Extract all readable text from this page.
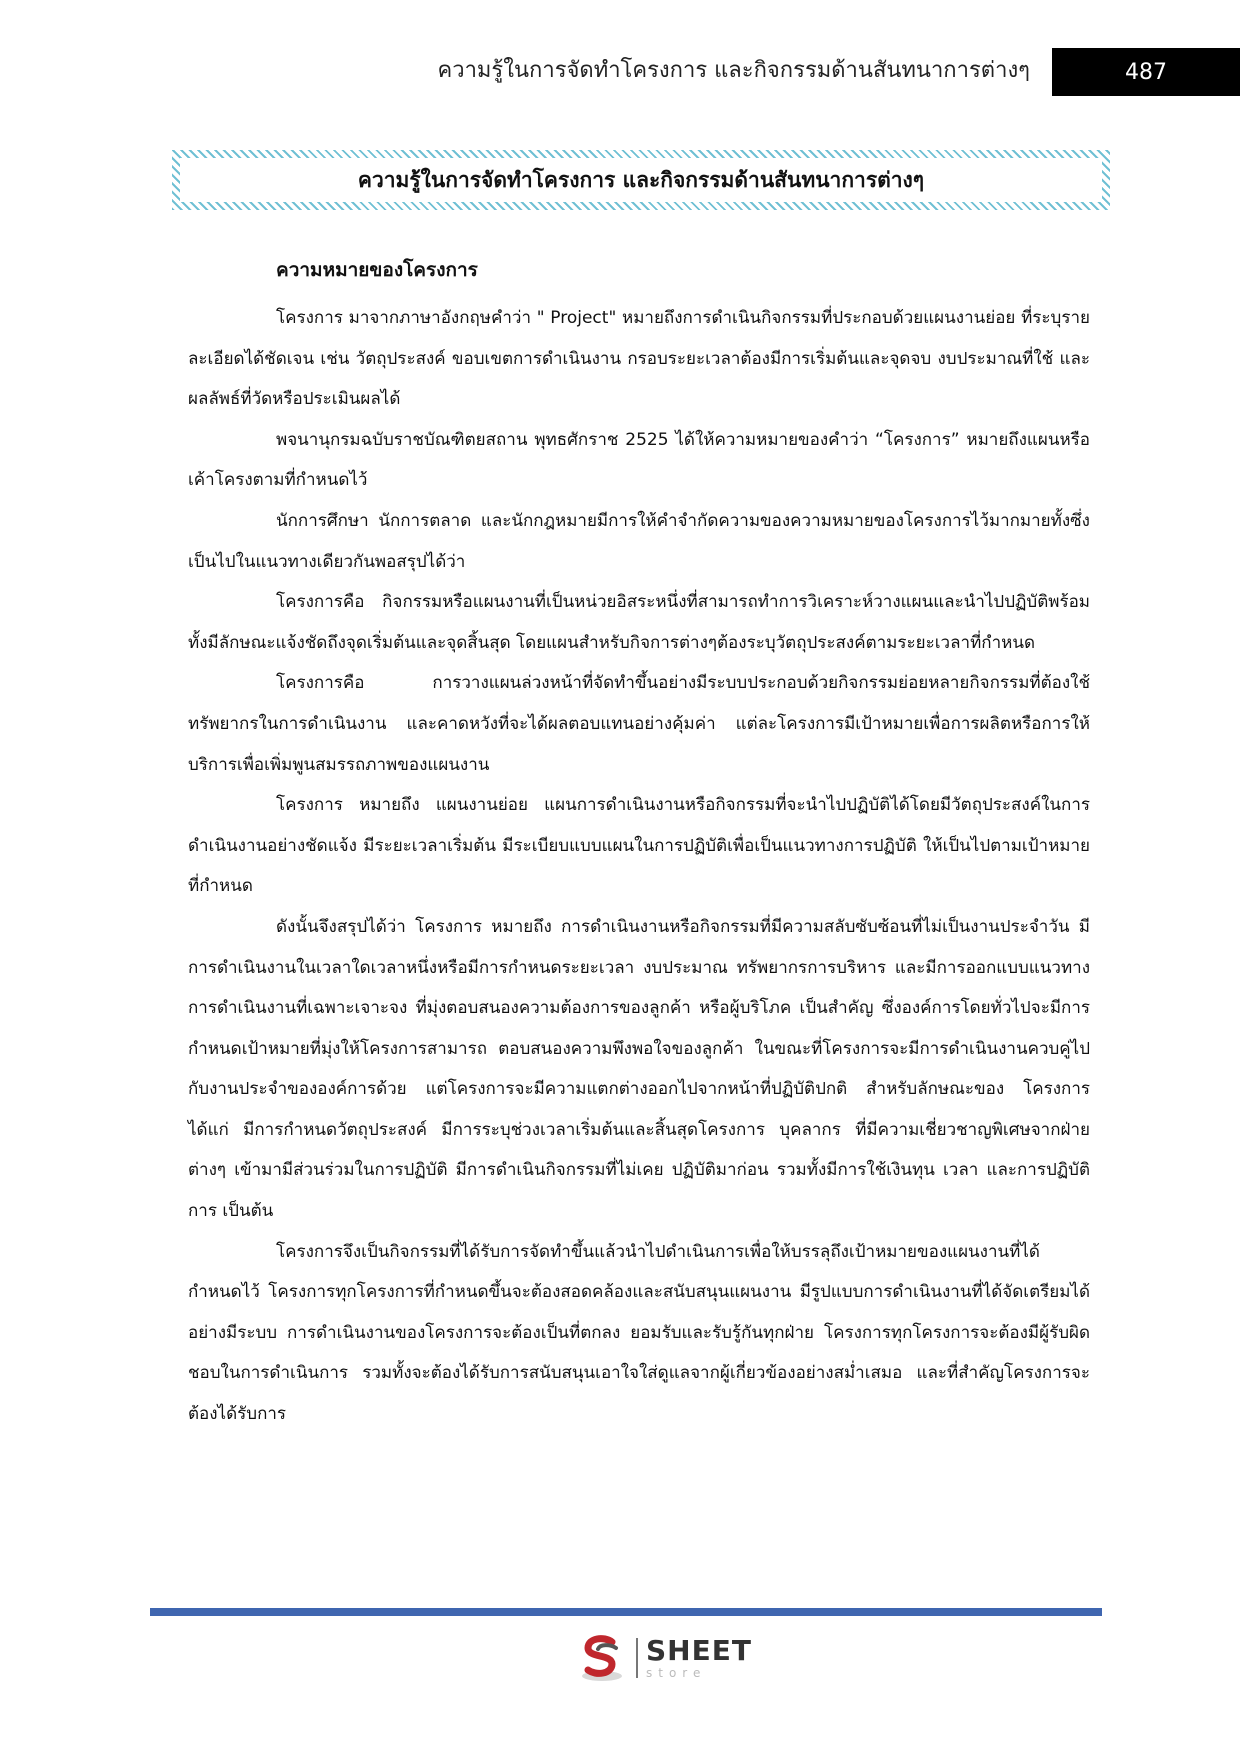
ความรู้ในการจัดทำโครงการ และกิจกรรมด้านสันทนาการต่างๆ	487
ความรู้ในการจัดทำโครงการ และกิจกรรมด้านสันทนาการต่างๆ
ความหมายของโครงการ

โครงการ มาจากภาษาอังกฤษคำว่า " Project" หมายถึงการดำเนินกิจกรรมที่ประกอบด้วยแผนงานย่อย ที่ระบุรายละเอียดได้ชัดเจน เช่น วัตถุประสงค์ ขอบเขตการดำเนินงาน กรอบระยะเวลาต้องมีการเริ่มต้นและจุดจบ งบประมาณที่ใช้ และผลลัพธ์ที่วัดหรือประเมินผลได้

พจนานุกรมฉบับราชบัณฑิตยสถาน พุทธศักราช 2525 ได้ให้ความหมายของคำว่า “โครงการ” หมายถึงแผนหรือเค้าโครงตามที่กำหนดไว้

นักการศึกษา นักการตลาด และนักกฎหมายมีการให้คำจำกัดความของความหมายของโครงการไว้มากมายทั้งซึ่งเป็นไปในแนวทางเดียวกันพอสรุปได้ว่า

โครงการคือ กิจกรรมหรือแผนงานที่เป็นหน่วยอิสระหนึ่งที่สามารถทำการวิเคราะห์วางแผนและนำไปปฏิบัติพร้อมทั้งมีลักษณะแจ้งชัดถึงจุดเริ่มต้นและจุดสิ้นสุด โดยแผนสำหรับกิจการต่างๆต้องระบุวัตถุประสงค์ตามระยะเวลาที่กำหนด

โครงการคือ การวางแผนล่วงหน้าที่จัดทำขึ้นอย่างมีระบบประกอบด้วยกิจกรรมย่อยหลายกิจกรรมที่ต้องใช้ทรัพยากรในการดำเนินงาน และคาดหวังที่จะได้ผลตอบแทนอย่างคุ้มค่า แต่ละโครงการมีเป้าหมายเพื่อการผลิตหรือการให้บริการเพื่อเพิ่มพูนสมรรถภาพของแผนงาน

โครงการ หมายถึง แผนงานย่อย แผนการดำเนินงานหรือกิจกรรมที่จะนำไปปฏิบัติได้โดยมีวัตถุประสงค์ในการดำเนินงานอย่างชัดแจ้ง มีระยะเวลาเริ่มต้น มีระเบียบแบบแผนในการปฏิบัติเพื่อเป็นแนวทางการปฏิบัติ ให้เป็นไปตามเป้าหมายที่กำหนด

ดังนั้นจึงสรุปได้ว่า โครงการ หมายถึง การดำเนินงานหรือกิจกรรมที่มีความสลับซับซ้อนที่ไม่เป็นงานประจำวัน มีการดำเนินงานในเวลาใดเวลาหนึ่งหรือมีการกำหนดระยะเวลา งบประมาณ ทรัพยากรการบริหาร และมีการออกแบบแนวทางการดำเนินงานที่เฉพาะเจาะจง ที่มุ่งตอบสนองความต้องการของลูกค้า หรือผู้บริโภค เป็นสำคัญ ซึ่งองค์การโดยทั่วไปจะมีการกำหนดเป้าหมายที่มุ่งให้โครงการสามารถ ตอบสนองความพึงพอใจของลูกค้า ในขณะที่โครงการจะมีการดำเนินงานควบคู่ไปกับงานประจำขององค์การด้วย แต่โครงการจะมีความแตกต่างออกไปจากหน้าที่ปฏิบัติปกติ สำหรับลักษณะของ โครงการ ได้แก่ มีการกำหนดวัตถุประสงค์ มีการระบุช่วงเวลาเริ่มต้นและสิ้นสุดโครงการ บุคลากร ที่มีความเชี่ยวชาญพิเศษจากฝ่ายต่างๆ เข้ามามีส่วนร่วมในการปฏิบัติ มีการดำเนินกิจกรรมที่ไม่เคย ปฏิบัติมาก่อน รวมทั้งมีการใช้เงินทุน เวลา และการปฏิบัติการ เป็นต้น

โครงการจึงเป็นกิจกรรมที่ได้รับการจัดทำขึ้นแล้วนำไปดำเนินการเพื่อให้บรรลุถึงเป้าหมายของแผนงานที่ได้กำหนดไว้ โครงการทุกโครงการที่กำหนดขึ้นจะต้องสอดคล้องและสนับสนุนแผนงาน มีรูปแบบการดำเนินงานที่ได้จัดเตรียมได้อย่างมีระบบ การดำเนินงานของโครงการจะต้องเป็นที่ตกลง ยอมรับและรับรู้กันทุกฝ่าย โครงการทุกโครงการจะต้องมีผู้รับผิดชอบในการดำเนินการ รวมทั้งจะต้องได้รับการสนับสนุนเอาใจใส่ดูแลจากผู้เกี่ยวข้องอย่างสม่ำเสมอ และที่สำคัญโครงการจะต้องได้รับการ

SHEET
store
